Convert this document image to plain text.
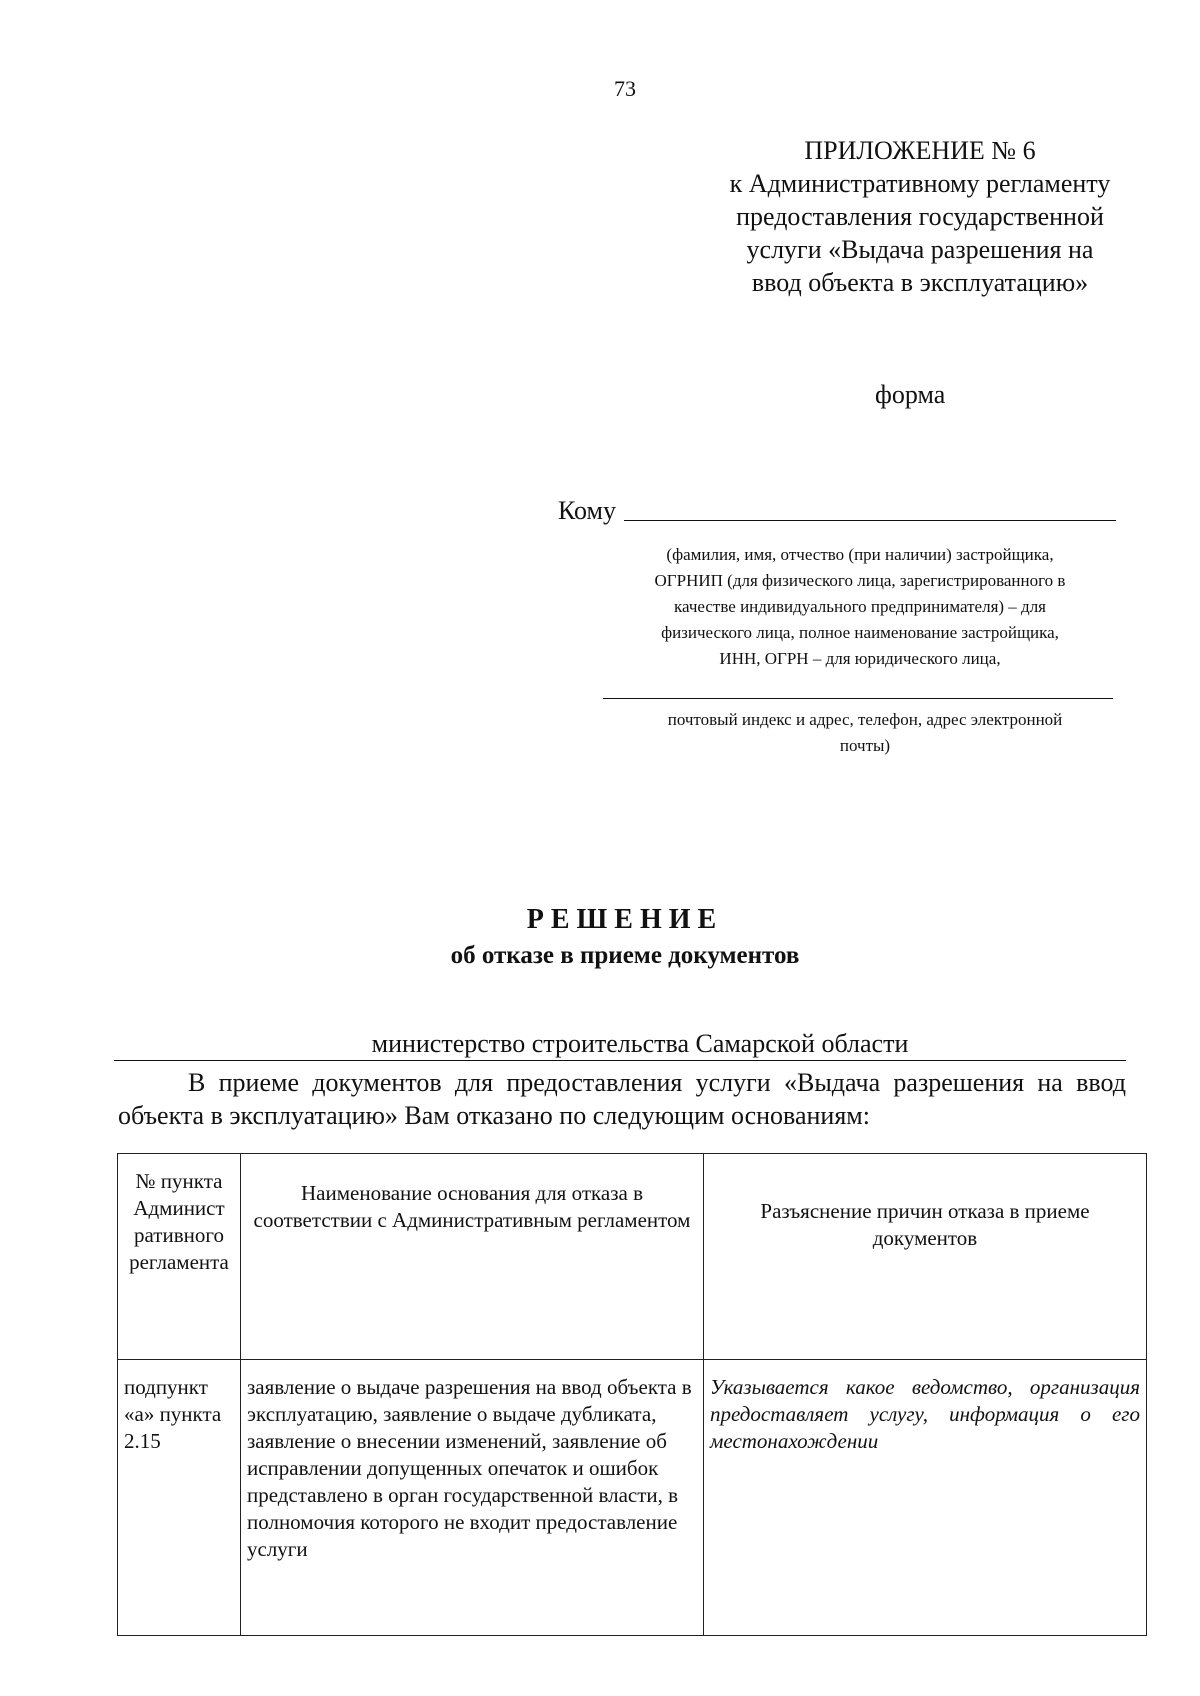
73
ПРИЛОЖЕНИЕ № 6
к Административному регламенту
предоставления государственной
услуги «Выдача разрешения на
ввод объекта в эксплуатацию»
форма
Кому
(фамилия, имя, отчество (при наличии) застройщика,
ОГРНИП (для физического лица, зарегистрированного в
качестве индивидуального предпринимателя) – для
физического лица, полное наименование застройщика,
ИНН, ОГРН – для юридического лица,
почтовый индекс и адрес, телефон, адрес электронной
почты)
РЕШЕНИЕ
об отказе в приеме документов
министерство строительства Самарской области
В приеме документов для предоставления услуги «Выдача разрешения на ввод объекта в эксплуатацию» Вам отказано по следующим основаниям:
№ пункта Админист ративного регламента	Наименование основания для отказа в соответствии с Административным регламентом	Разъяснение причин отказа в приеме документов
подпункт «а» пункта 2.15	заявление о выдаче разрешения на ввод объекта в эксплуатацию, заявление о выдаче дубликата, заявление о внесении изменений, заявление об исправлении допущенных опечаток и ошибок представлено в орган государственной власти, в полномочия которого не входит предоставление услуги	Указывается какое ведомство, организация предоставляет услугу, информация о его местонахождении
